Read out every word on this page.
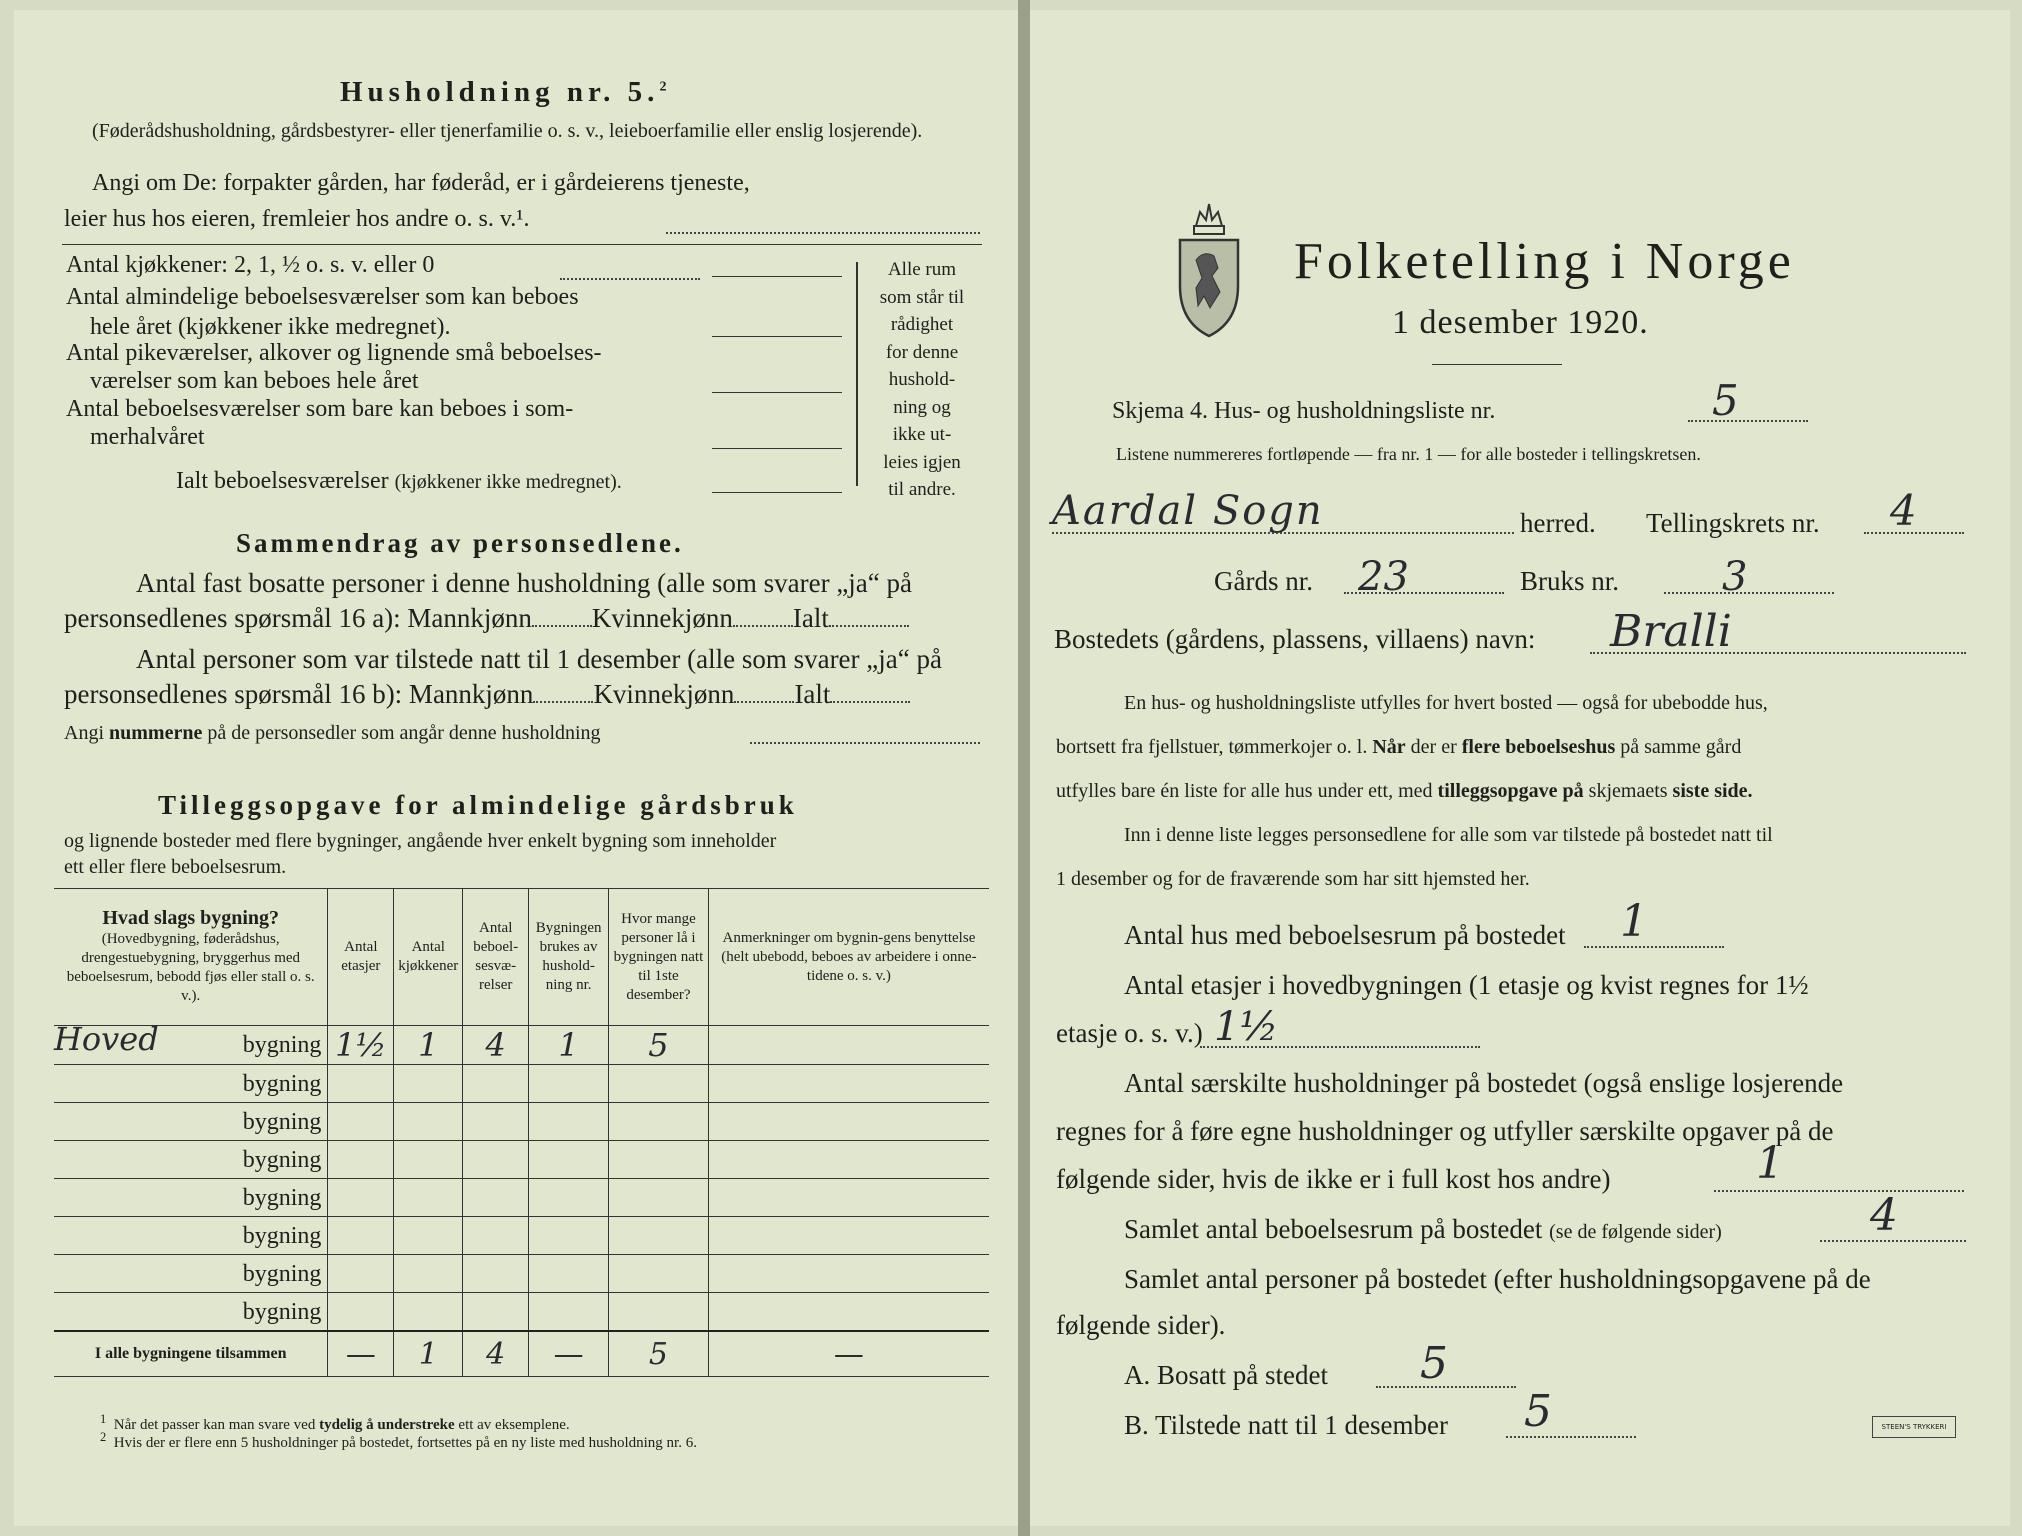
Husholdning nr. 5.$^2$
(Føderådshusholdning, gårdsbestyrer- eller tjenerfamilie o. s. v., leieboerfamilie eller enslig losjerende).
Angi om De: forpakter gården, har føderåd, er i gårdeierens tjeneste,
leier hus hos eieren, fremleier hos andre o. s. v.¹.
Antal kjøkkener: 2, 1, ½ o. s. v. eller 0
Antal almindelige beboelsesværelser som kan beboes
hele året (kjøkkener ikke medregnet).
Antal pikeværelser, alkover og lignende små beboelses-
værelser som kan beboes hele året
Antal beboelsesværelser som bare kan beboes i som-
merhalvåret
Ialt beboelsesværelser (kjøkkener ikke medregnet).
Alle rum
som står til
rådighet
for denne
hushold-
ning og
ikke ut-
leies igjen
til andre.
Sammendrag av personsedlene.
Antal fast bosatte personer i denne husholdning (alle som svarer „ja“ på
personsedlenes spørsmål 16 a): Mannkjønn Kvinnekjønn Ialt
Antal personer som var tilstede natt til 1 desember (alle som svarer „ja“ på
personsedlenes spørsmål 16 b): Mannkjønn Kvinnekjønn Ialt
Angi nummerne på de personsedler som angår denne husholdning
Tilleggsopgave for almindelige gårdsbruk
og lignende bosteder med flere bygninger, angående hver enkelt bygning som inneholder
ett eller flere beboelsesrum.
Hvad slags bygning?

(Hovedbygning, føderådshus, drengestuebygning, bryggerhus med beboelsesrum, bebodd fjøs eller stall o. s. v.).	Antal etasjer	Antal kjøkkener	Antal beboel-sesvæ-relser	Bygningen brukes av hushold-ning nr.	Hvor mange personer lå i bygningen natt til 1ste desember?	Anmerkninger om bygnin-gens benyttelse (helt ubebodd, beboes av arbeidere i onne-tidene o. s. v.)

Hoved bygning	1½	1	4	1	5	

bygning						

bygning						

bygning						

bygning						

bygning						

bygning						

bygning						

I alle bygningene tilsammen	—	1	4	—	5	—
$^1$ Når det passer kan man svare ved tydelig å understreke ett av eksemplene.
$^2$ Hvis der er flere enn 5 husholdninger på bostedet, fortsettes på en ny liste med husholdning nr. 6.
Folketelling i Norge
1 desember 1920.
Skjema 4. Hus- og husholdningsliste nr.	5
Listene nummereres fortløpende — fra nr. 1 — for alle bosteder i tellingskretsen.
Aardal Sogn	herred. Tellingskrets nr. 4
Gårds nr. 23	Bruks nr.	3
Bostedets (gårdens, plassens, villaens) navn: Bralli
En hus- og husholdningsliste utfylles for hvert bosted — også for ubebodde hus,
bortsett fra fjellstuer, tømmerkojer o. l. Når der er flere beboelseshus på samme gård
utfylles bare én liste for alle hus under ett, med tilleggsopgave på skjemaets siste side.
Inn i denne liste legges personsedlene for alle som var tilstede på bostedet natt til
1 desember og for de fraværende som har sitt hjemsted her.
Antal hus med beboelsesrum på bostedet 1
Antal etasjer i hovedbygningen (1 etasje og kvist regnes for 1½
etasje o. s. v.) 1½
Antal særskilte husholdninger på bostedet (også enslige losjerende
regnes for å føre egne husholdninger og utfyller særskilte opgaver på de
følgende sider, hvis de ikke er i full kost hos andre)	1
Samlet antal beboelsesrum på bostedet (se de følgende sider)	4
Samlet antal personer på bostedet (efter husholdningsopgavene på de
følgende sider).
A. Bosatt på stedet 5
B. Tilstede natt til 1 desember 5	STEEN'S TRYKKERI
